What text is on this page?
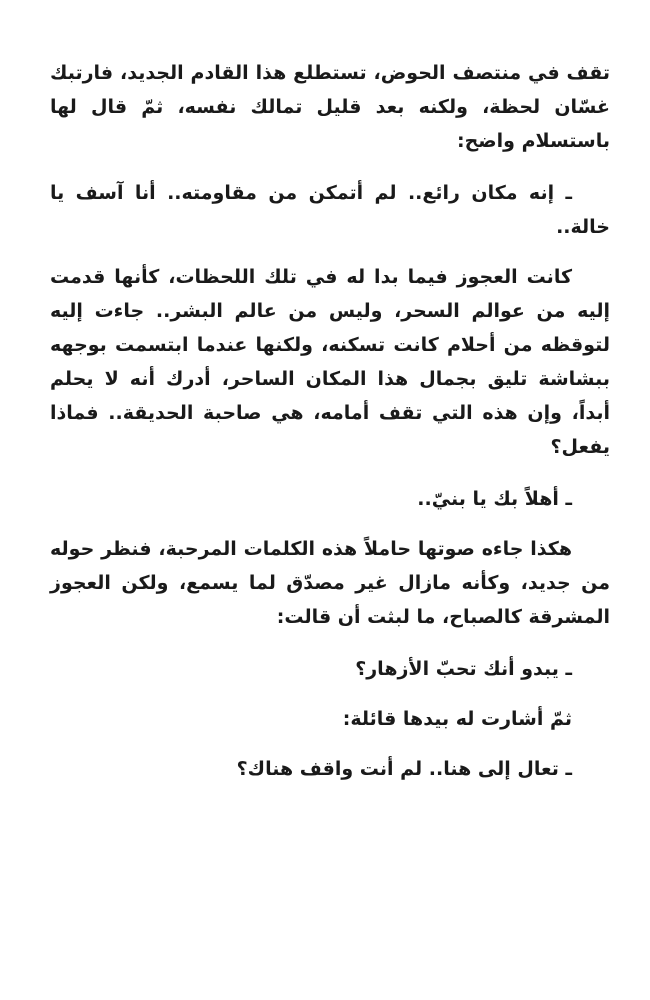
تقف في منتصف الحوض، تستطلع هذا القادم الجديد، فارتبك غسّان لحظة، ولكنه بعد قليل تمالك نفسه، ثمّ قال لها باستسلام واضح:

ـ إنه مكان رائع.. لم أتمكن من مقاومته.. أنا آسف يا خالة..

كانت العجوز فيما بدا له في تلك اللحظات، كأنها قدمت إليه من عوالم السحر، وليس من عالم البشر.. جاءت إليه لتوقظه من أحلام كانت تسكنه، ولكنها عندما ابتسمت بوجهه ببشاشة تليق بجمال هذا المكان الساحر، أدرك أنه لا يحلم أبداً، وإن هذه التي تقف أمامه، هي صاحبة الحديقة.. فماذا يفعل؟

ـ أهلاً بك يا بنيّ..

هكذا جاءه صوتها حاملاً هذه الكلمات المرحبة، فنظر حوله من جديد، وكأنه مازال غير مصدّق لما يسمع، ولكن العجوز المشرقة كالصباح، ما لبثت أن قالت:

ـ يبدو أنك تحبّ الأزهار؟

ثمّ أشارت له بيدها قائلة:

ـ تعال إلى هنا.. لم أنت واقف هناك؟
